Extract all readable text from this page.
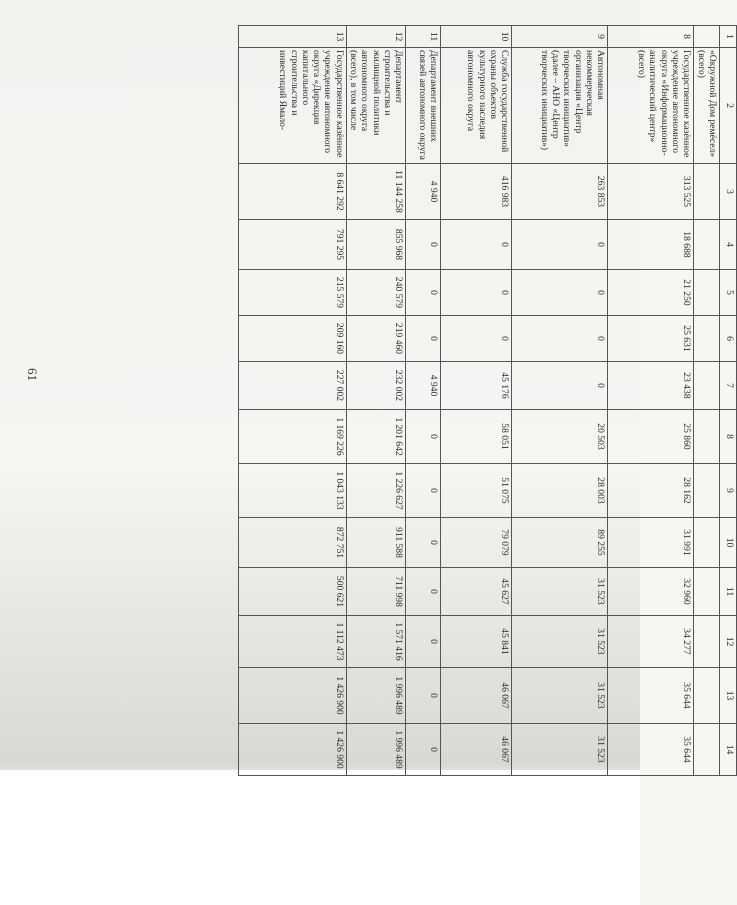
61
1	2	3	4	5	6	7	8	9	10	11	12	13	14
	«Окружной Дом ремёсел» (всего)												
8	Государственное казённое учреждение автономного округа «Информационно-аналитический центр» (всего)	313 525	18 688	21 250	25 631	23 438	25 860	28 162	31 991	32 960	34 277	35 644	35 644
9	Автономная некоммерческая организация «Центр творческих инициатив» (далее – АНО «Центр творческих инициатив»)	263 853	0	0	0	0	20 503	28 003	89 255	31 523	31 523	31 523	31 523
10	Служба государственной охраны объектов культурного наследия автономного округа	416 983	0	0	0	45 176	58 051	51 075	79 079	45 627	45 841	46 067	46 067
11	Департамент внешних связей автономного округа	4 940	0	0	0	4 940	0	0	0	0	0	0	0
12	Департамент строительства и жилищной политики автономного округа (всего), в том числе	11 144 258	855 968	240 579	219 460	232 002	1 201 642	1 226 627	911 588	711 998	1 571 416	1 996 489	1 996 489
13	Государственное казённое учреждение автономного округа «Дирекция капитального строительства и инвестиций Ямало-	8 641 292	791 295	215 579	209 160	227 002	1 169 226	1 043 133	872 751	500 621	1 112 473	1 426 900	1 426 900
